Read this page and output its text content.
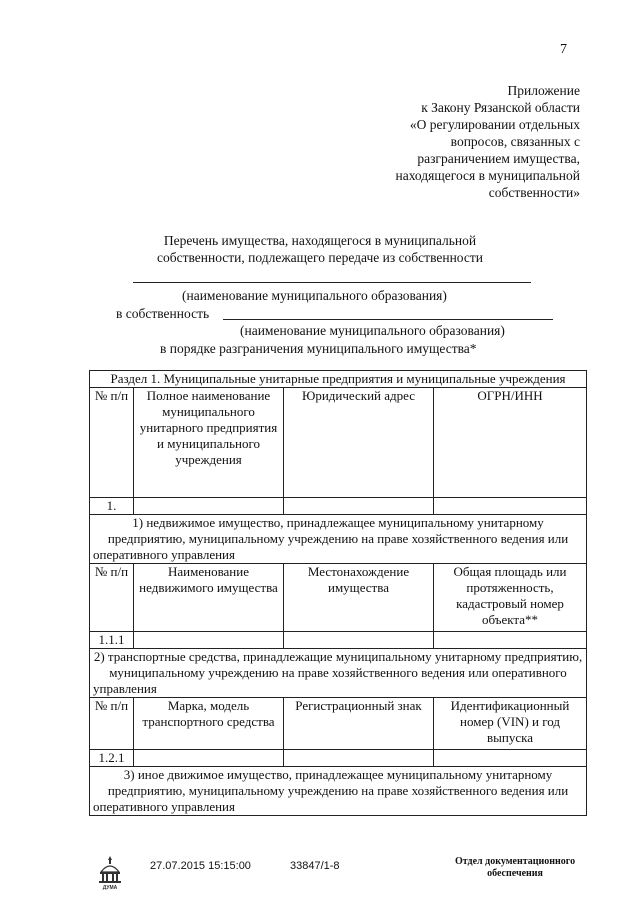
7
Приложение
к Закону Рязанской области
«О регулировании отдельных
вопросов, связанных с
разграничением имущества,
находящегося в муниципальной
собственности»
Перечень имущества, находящегося в муниципальной
собственности, подлежащего передаче из собственности
(наименование муниципального образования)
в собственность
(наименование муниципального образования)
в порядке разграничения муниципального имущества*
Раздел 1. Муниципальные унитарные предприятия и муниципальные учреждения			
№ п/п	Полное наименование муниципального унитарного предприятия и муниципального учреждения	Юридический адрес	ОГРН/ИНН
1.			
1) недвижимое имущество, принадлежащее муниципальному унитарному предприятию, муниципальному учреждению на праве хозяйственного ведения или оперативного управления			
№ п/п	Наименование недвижимого имущества	Местонахождение имущества	Общая площадь или протяженность, кадастровый номер объекта**
1.1.1			
2) транспортные средства, принадлежащие муниципальному унитарному предприятию, муниципальному учреждению на праве хозяйственного ведения или оперативного управления			
№ п/п	Марка, модель транспортного средства	Регистрационный знак	Идентификационный номер (VIN) и год выпуска
1.2.1			
3) иное движимое имущество, принадлежащее муниципальному унитарному предприятию, муниципальному учреждению на праве хозяйственного ведения или оперативного управления			
ДУМА
27.07.2015 15:15:00	33847/1-8	Отдел документационного
обеспечения
